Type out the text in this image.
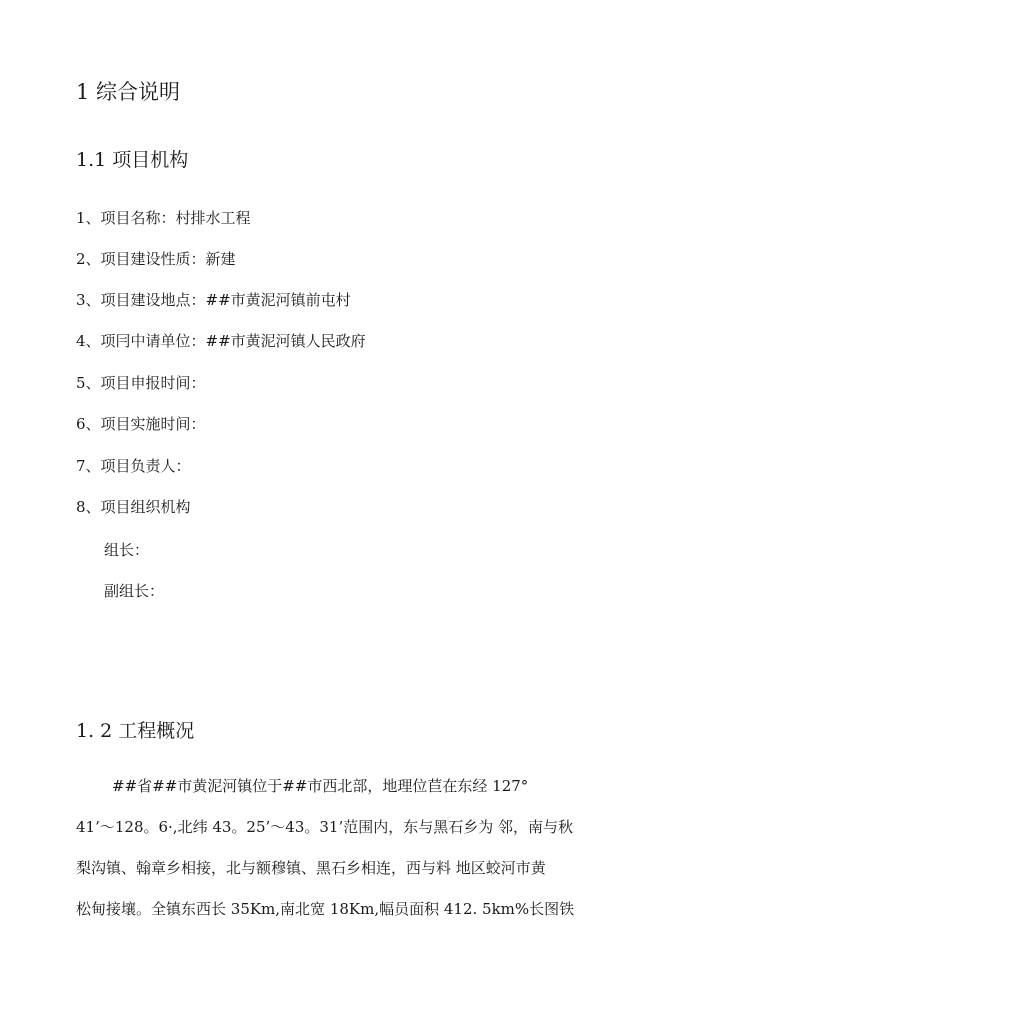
1 综合说明
1.1 项目机构
1、项目名称：村排水工程
2、项目建设性质：新建
3、项目建设地点：##市黄泥河镇前屯村
4、项冃中请单位：##市黄泥河镇人民政府
5、项目申报时间：
6、项目实施时间：
7、项目负责人：
8、项目组织机构
组长：
副组长：
1. 2 工程概况
##省##市黄泥河镇位于##市西北部，地理位苣在东经 127°
41’～128。6·,北纬 43。25’～43。31’范围内，东与黑石乡为 邻，南与秋
梨沟镇、翰章乡相接，北与额穆镇、黑石乡相连，西与料 地区蛟河市黄
松甸接壤。全镇东西长 35Km,南北宽 18Km,幅员面积 412. 5km%长图铁
